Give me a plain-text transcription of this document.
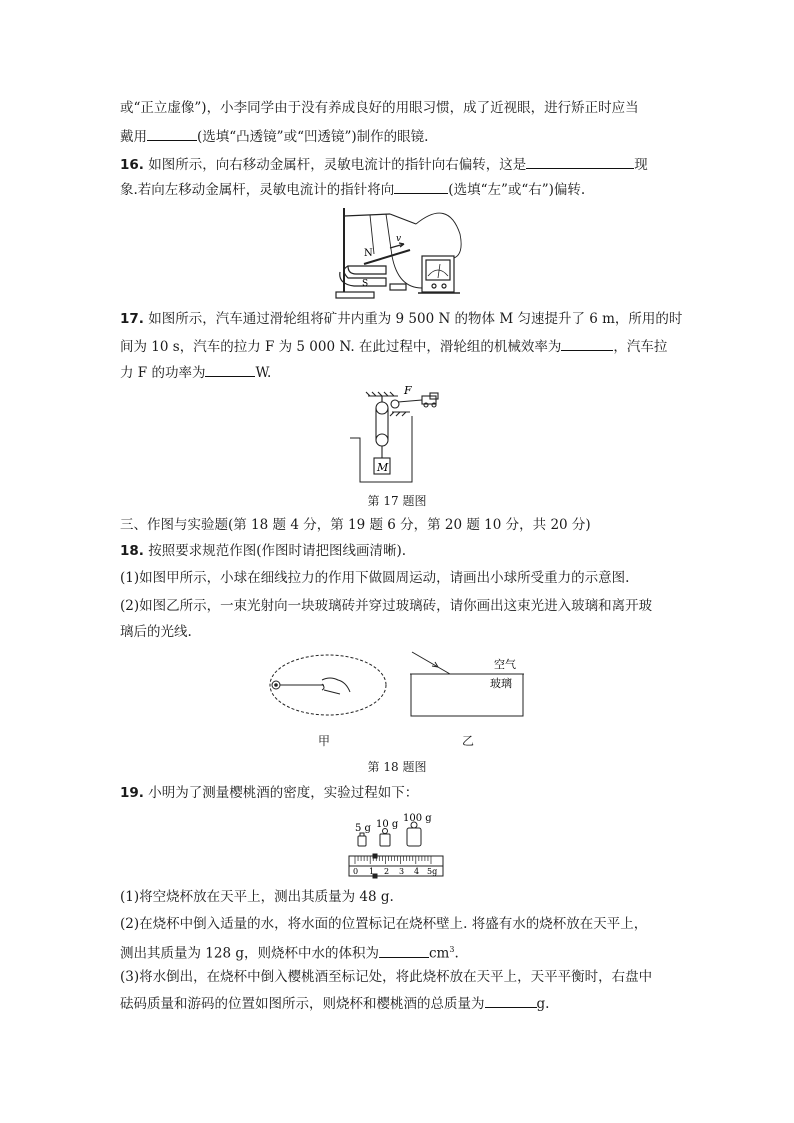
或“正立虚像”)，小李同学由于没有养成良好的用眼习惯，成了近视眼，进行矫正时应当
戴用	(选填“凸透镜”或“凹透镜”)制作的眼镜.
16. 如图所示，向右移动金属杆，灵敏电流计的指针向右偏转，这是	现
象.若向左移动金属杆，灵敏电流计的指针将向	(选填“左”或“右”)偏转.
N
S
v
17. 如图所示，汽车通过滑轮组将矿井内重为 9 500 N 的物体 M 匀速提升了 6 m，所用的时
间为 10 s，汽车的拉力 F 为 5 000 N. 在此过程中，滑轮组的机械效率为	，汽车拉
力 F 的功率为	W.
F
M
第 17 题图
三、作图与实验题(第 18 题 4 分，第 19 题 6 分，第 20 题 10 分，共 20 分)
18. 按照要求规范作图(作图时请把图线画清晰).
(1)如图甲所示，小球在细线拉力的作用下做圆周运动，请画出小球所受重力的示意图.
(2)如图乙所示，一束光射向一块玻璃砖并穿过玻璃砖，请你画出这束光进入玻璃和离开玻
璃后的光线.
空气
玻璃
甲	乙
第 18 题图
19. 小明为了测量樱桃酒的密度，实验过程如下：
5 g 10 g
100 g
0 1 2 3 4 5g
(1)将空烧杯放在天平上，测出其质量为 48 g.
(2)在烧杯中倒入适量的水，将水面的位置标记在烧杯壁上. 将盛有水的烧杯放在天平上，
测出其质量为 128 g，则烧杯中水的体积为	$cm^3$.
(3)将水倒出，在烧杯中倒入樱桃酒至标记处，将此烧杯放在天平上，天平平衡时，右盘中
砝码质量和游码的位置如图所示，则烧杯和樱桃酒的总质量为	g.
